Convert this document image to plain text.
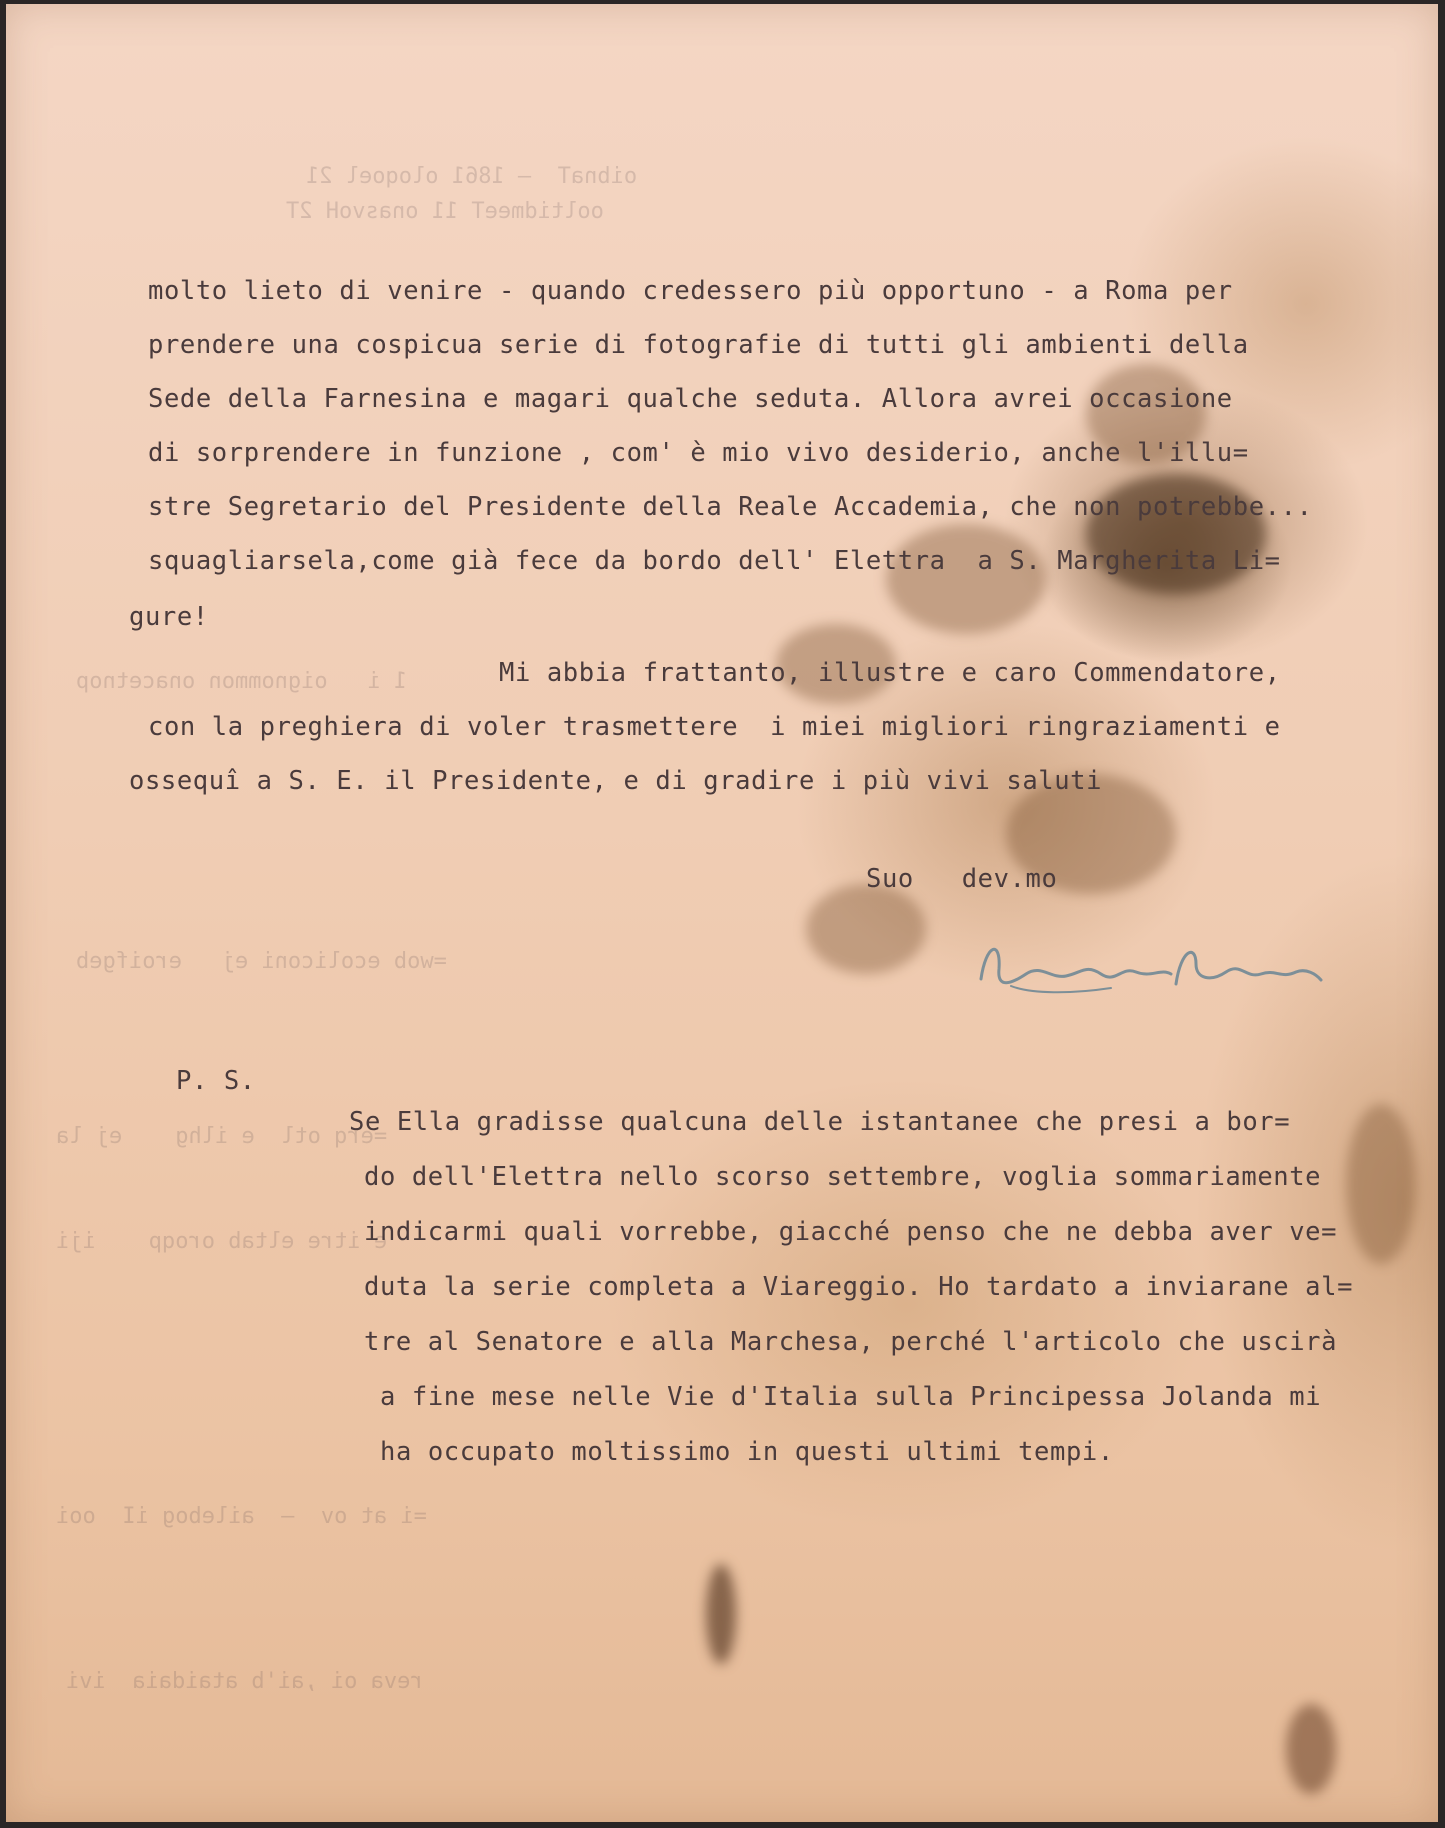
oibnaT  — 1861 oloqoel 21
ooltidmeeT 11 onasvoH 2T
1 i   oignommon onacetnop
=wob ecoliconi ej   eroifgeb
=erq otl  e ilhg    ej la
e itre eltab oroqp    iji
=i at ov  —  ailebog iI  ooi
reva oi ,ai'b ataidaia  ivi
molto lieto di venire - quando credessero più opportuno - a Roma per
prendere una cospicua serie di fotografie di tutti gli ambienti della
Sede della Farnesina e magari qualche seduta. Allora avrei occasione
di sorprendere in funzione , com' è mio vivo desiderio, anche l'illu=
stre Segretario del Presidente della Reale Accademia, che non potrebbe...
squagliarsela,come già fece da bordo dell' Elettra  a S. Margherita Li=
gure!
Mi abbia frattanto, illustre e caro Commendatore,
con la preghiera di voler trasmettere  i miei migliori ringraziamenti e
ossequî a S. E. il Presidente, e di gradire i più vivi saluti
Suo   dev.mo
P. S.
Se Ella gradisse qualcuna delle istantanee che presi a bor=
do dell'Elettra nello scorso settembre, voglia sommariamente
indicarmi quali vorrebbe, giacché penso che ne debba aver ve=
duta la serie completa a Viareggio. Ho tardato a inviarane al=
tre al Senatore e alla Marchesa, perché l'articolo che uscirà
a fine mese nelle Vie d'Italia sulla Principessa Jolanda mi
ha occupato moltissimo in questi ultimi tempi.
